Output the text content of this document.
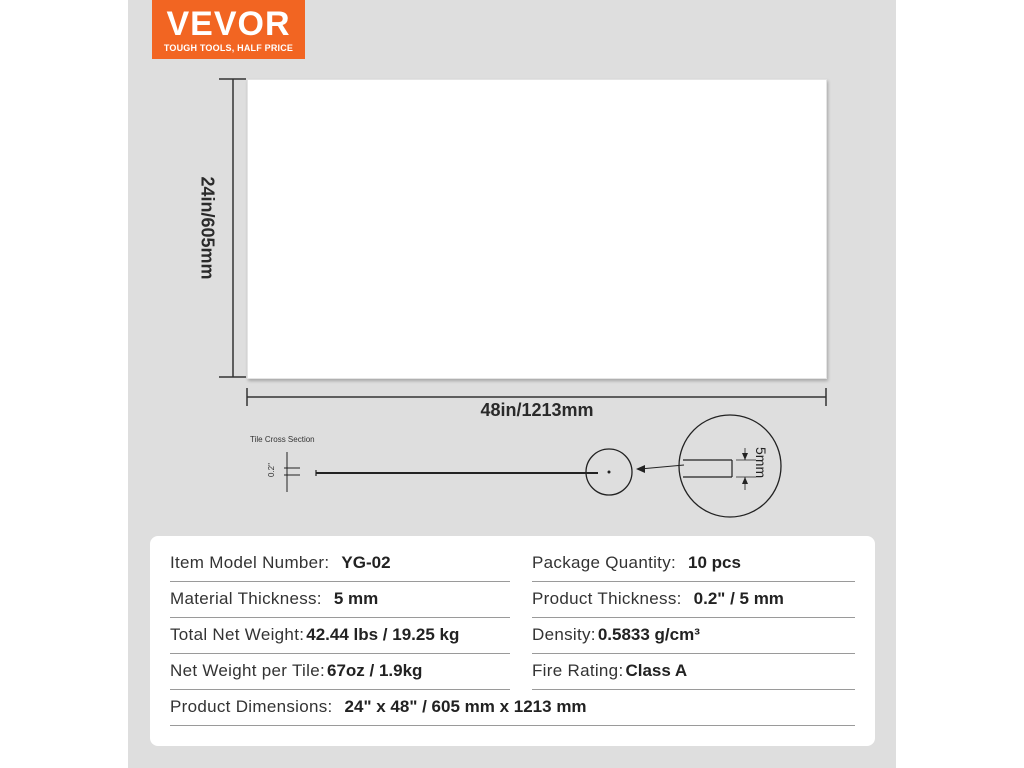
VEVOR
TOUGH TOOLS, HALF PRICE
Tile Cross Section
0.2"	5mm
48in/1213mm
24in/605mm
Item Model Number: YG-02	Package Quantity: 10 pcs
Material Thickness: 5 mm	Product Thickness: 0.2" / 5 mm
Total Net Weight: 42.44 lbs / 19.25 kg	Density: 0.5833 g/cm³
Net Weight per Tile: 67oz / 1.9kg	Fire Rating: Class A
Product Dimensions: 24" x 48" / 605 mm x 1213 mm
